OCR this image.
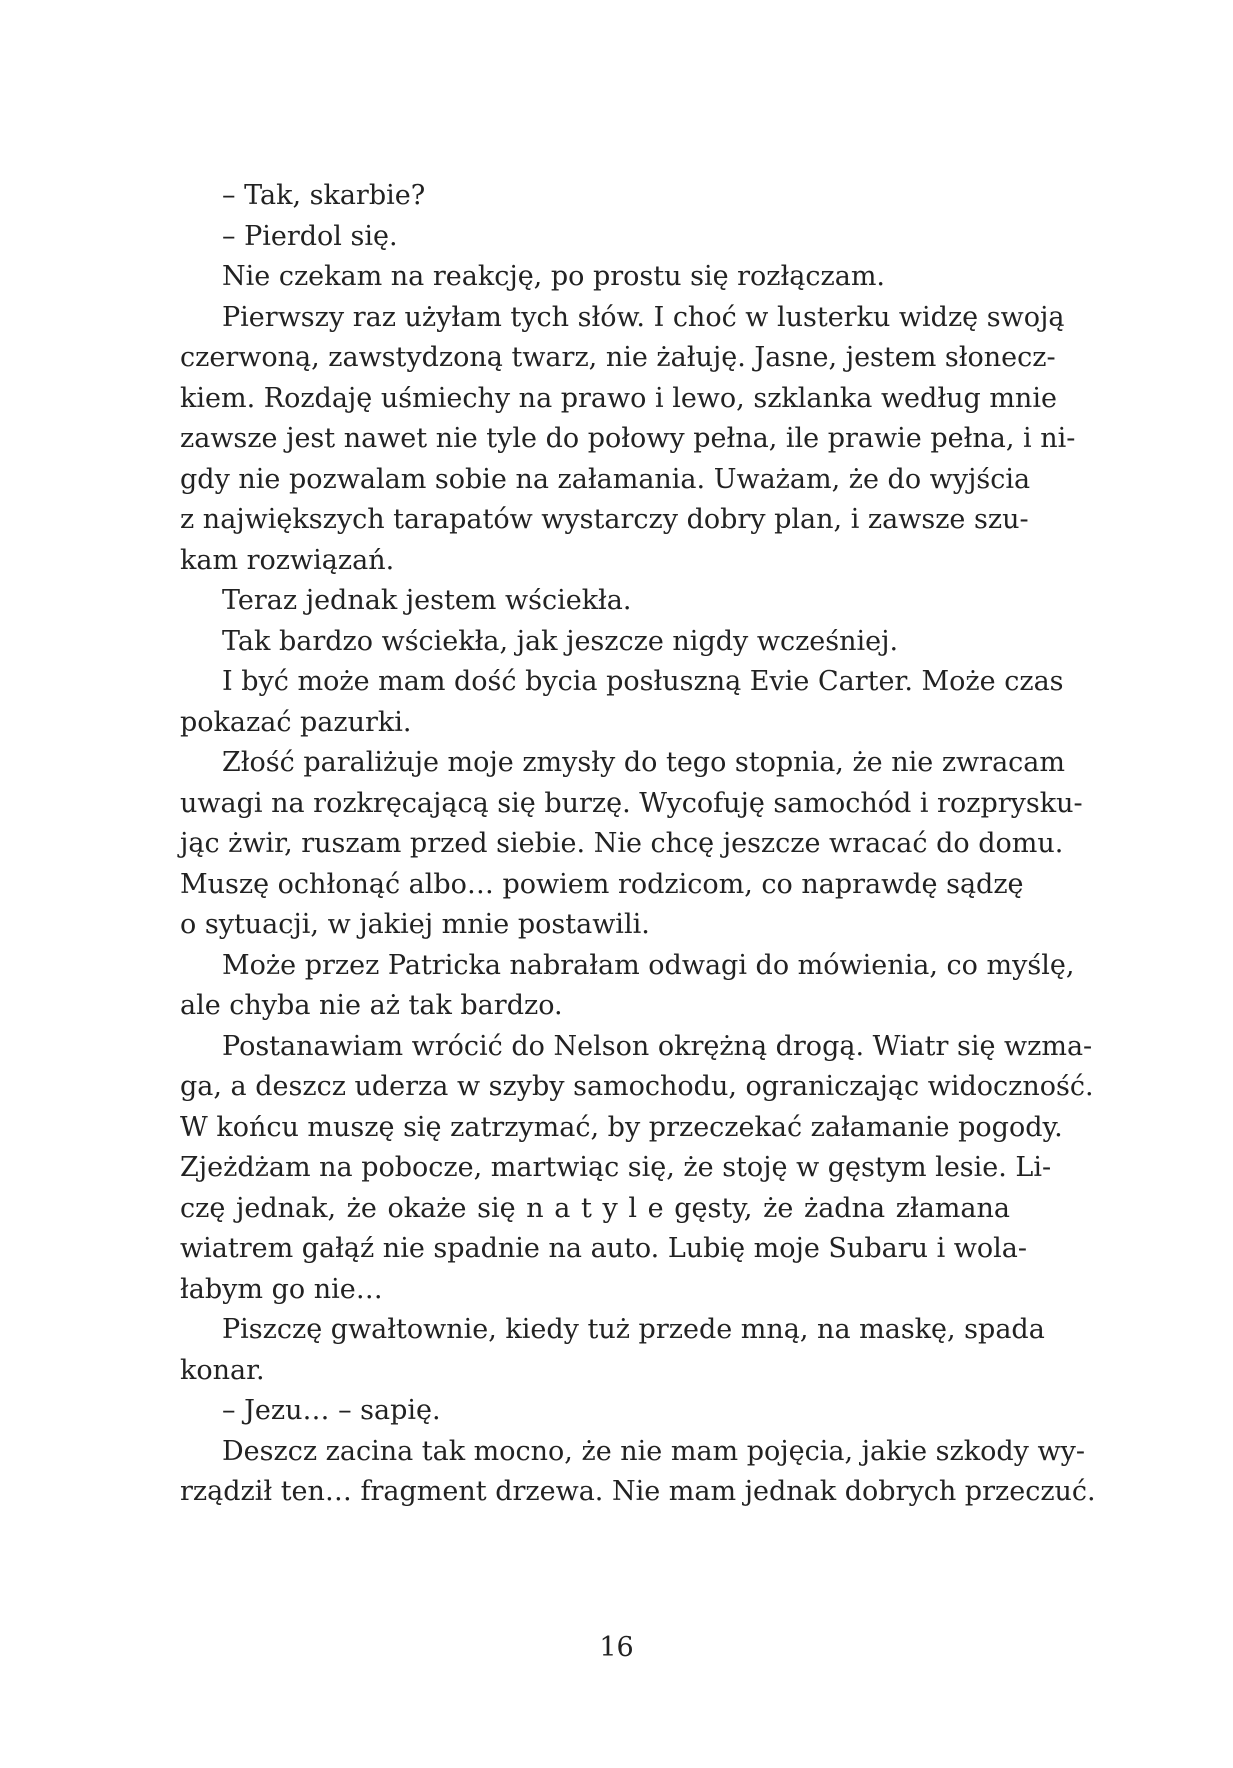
– Tak, skarbie?
– Pierdol się.
Nie czekam na reakcję, po prostu się rozłączam.
Pierwszy raz użyłam tych słów. I choć w lusterku widzę swoją
czerwoną, zawstydzoną twarz, nie żałuję. Jasne, jestem słonecz-
kiem. Rozdaję uśmiechy na prawo i lewo, szklanka według mnie
zawsze jest nawet nie tyle do połowy pełna, ile prawie pełna, i ni-
gdy nie pozwalam sobie na załamania. Uważam, że do wyjścia
z największych tarapatów wystarczy dobry plan, i zawsze szu-
kam rozwiązań.
Teraz jednak jestem wściekła.
Tak bardzo wściekła, jak jeszcze nigdy wcześniej.
I być może mam dość bycia posłuszną Evie Carter. Może czas
pokazać pazurki.
Złość paraliżuje moje zmysły do tego stopnia, że nie zwracam
uwagi na rozkręcającą się burzę. Wycofuję samochód i rozprysku-
jąc żwir, ruszam przed siebie. Nie chcę jeszcze wracać do domu.
Muszę ochłonąć albo… powiem rodzicom, co naprawdę sądzę
o sytuacji, w jakiej mnie postawili.
Może przez Patricka nabrałam odwagi do mówienia, co myślę,
ale chyba nie aż tak bardzo.
Postanawiam wrócić do Nelson okrężną drogą. Wiatr się wzma-
ga, a deszcz uderza w szyby samochodu, ograniczając widoczność.
W końcu muszę się zatrzymać, by przeczekać załamanie pogody.
Zjeżdżam na pobocze, martwiąc się, że stoję w gęstym lesie. Li-
czę jednak, że okaże się n a t y l e gęsty, że żadna złamana
wiatrem gałąź nie spadnie na auto. Lubię moje Subaru i wola-
łabym go nie…
Piszczę gwałtownie, kiedy tuż przede mną, na maskę, spada
konar.
– Jezu… – sapię.
Deszcz zacina tak mocno, że nie mam pojęcia, jakie szkody wy-
rządził ten… fragment drzewa. Nie mam jednak dobrych przeczuć.
16
